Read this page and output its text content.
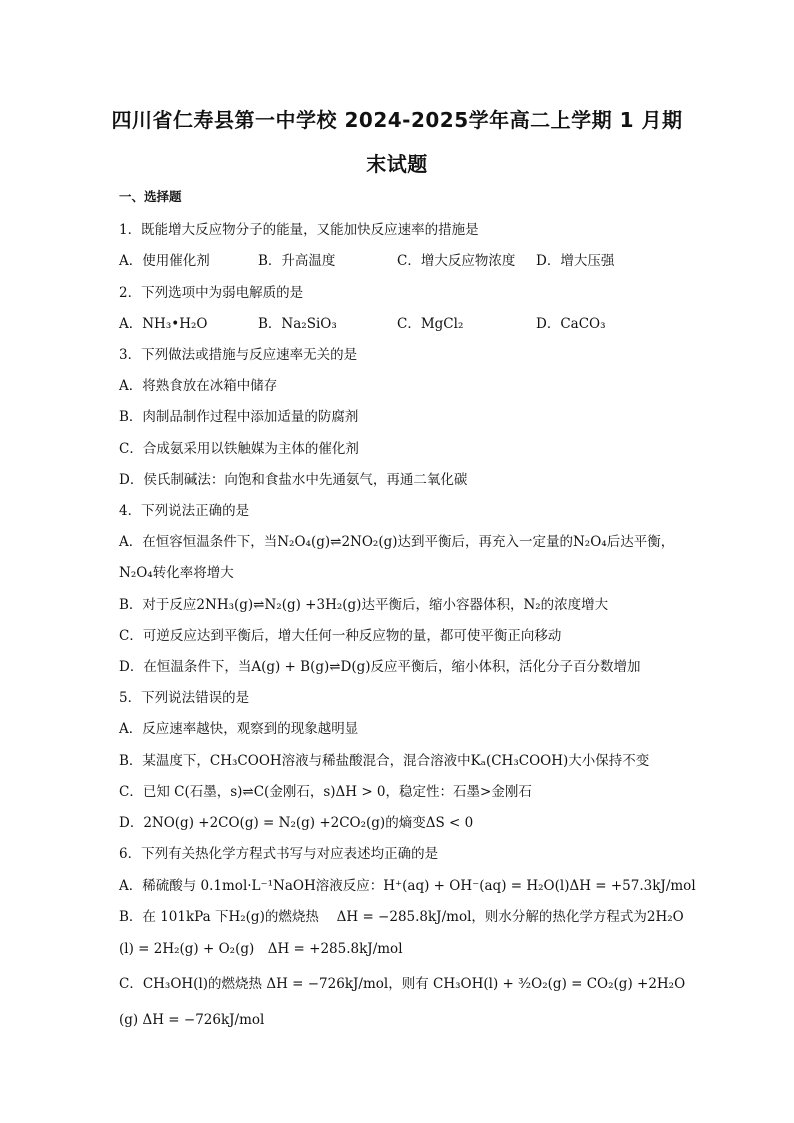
四川省仁寿县第一中学校 2024-2025学年高二上学期 1 月期
末试题
一、选择题
1．既能增大反应物分子的能量，又能加快反应速率的措施是
A．使用催化剂	B．升高温度	C．增大反应物浓度 D．增大压强
2．下列选项中为弱电解质的是
A．NH₃•H₂O	B．Na₂SiO₃	C．MgCl₂	D．CaCO₃
3．下列做法或措施与反应速率无关的是
A．将熟食放在冰箱中储存
B．肉制品制作过程中添加适量的防腐剂
C．合成氨采用以铁触媒为主体的催化剂
D．侯氏制碱法：向饱和食盐水中先通氨气，再通二氧化碳
4．下列说法正确的是
A．在恒容恒温条件下，当N₂O₄(g)⇌2NO₂(g)达到平衡后，再充入一定量的N₂O₄后达平衡，
N₂O₄转化率将增大
B．对于反应2NH₃(g)⇌N₂(g) +3H₂(g)达平衡后，缩小容器体积，N₂的浓度增大
C．可逆反应达到平衡后，增大任何一种反应物的量，都可使平衡正向移动
D．在恒温条件下，当A(g) + B(g)⇌D(g)反应平衡后，缩小体积，活化分子百分数增加
5．下列说法错误的是
A．反应速率越快，观察到的现象越明显
B．某温度下，CH₃COOH溶液与稀盐酸混合，混合溶液中Kₐ(CH₃COOH)大小保持不变
C．已知 C(石墨，s)⇌C(金刚石，s)ΔH > 0，稳定性：石墨>金刚石
D．2NO(g) +2CO(g) = N₂(g) +2CO₂(g)的熵变ΔS < 0
6．下列有关热化学方程式书写与对应表述均正确的是
A．稀硫酸与 0.1mol·L⁻¹NaOH溶液反应：H⁺(aq) + OH⁻(aq) = H₂O(l)ΔH = +57.3kJ/mol
B．在 101kPa 下H₂(g)的燃烧热　 ΔH = −285.8kJ/mol，则水分解的热化学方程式为2H₂O
(l) = 2H₂(g) + O₂(g)　ΔH = +285.8kJ/mol
C．CH₃OH(l)的燃烧热 ΔH = −726kJ/mol，则有 CH₃OH(l) + ³⁄₂O₂(g) = CO₂(g) +2H₂O
(g) ΔH = −726kJ/mol
